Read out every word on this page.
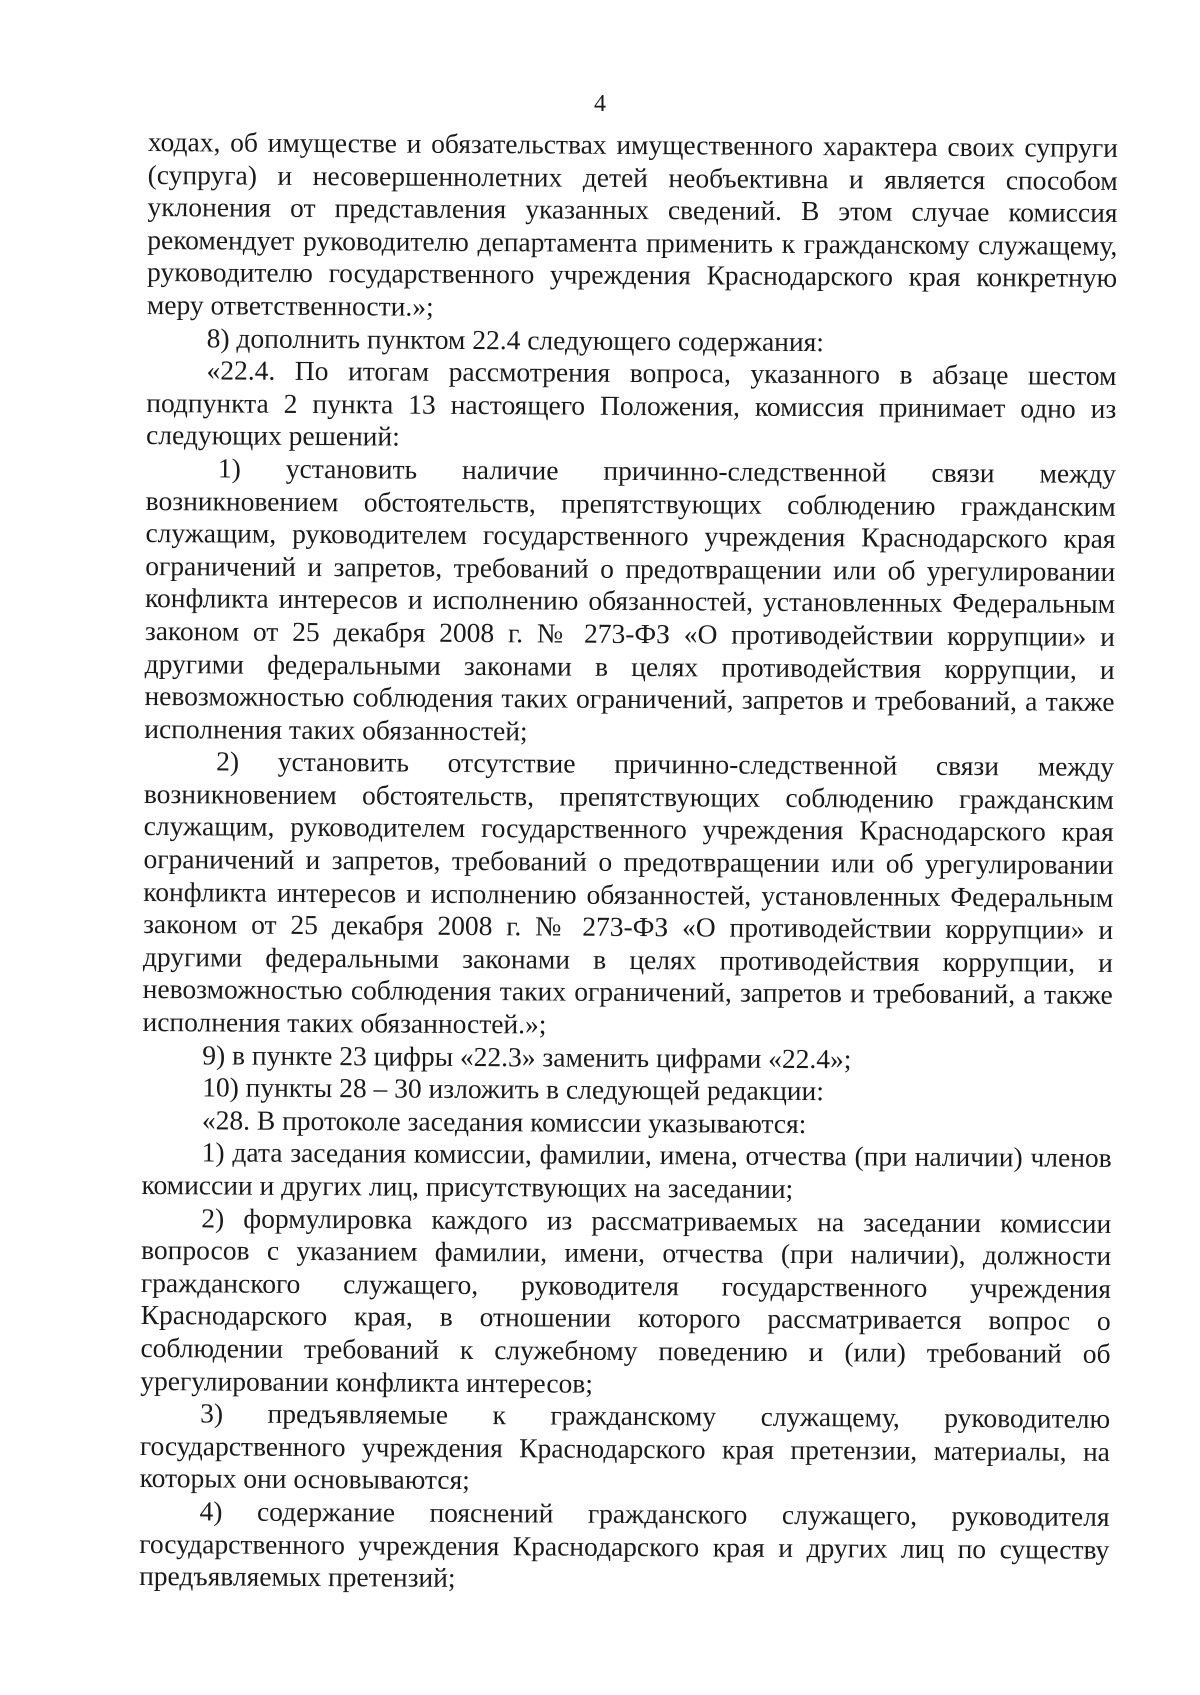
4

ходах, об имуществе и обязательствах имущественного характера своих супруги (супруга) и несовершеннолетних детей необъективна и является способом уклонения от представления указанных сведений. В этом случае комиссия рекомендует руководителю департамента применить к гражданскому служащему, руководителю государственного учреждения Краснодарского края конкретную меру ответственности.»;

8) дополнить пунктом 22.4 следующего содержания:

«22.4. По итогам рассмотрения вопроса, указанного в абзаце шестом подпункта 2 пункта 13 настоящего Положения, комиссия принимает одно из следующих решений:

1) установить наличие причинно-следственной связи между возникновением обстоятельств, препятствующих соблюдению гражданским служащим, руководителем государственного учреждения Краснодарского края ограничений и запретов, требований о предотвращении или об урегулировании конфликта интересов и исполнению обязанностей, установленных Федеральным законом от 25 декабря 2008 г. № 273-ФЗ «О противодействии коррупции» и другими федеральными законами в целях противодействия коррупции, и невозможностью соблюдения таких ограничений, запретов и требований, а также исполнения таких обязанностей;

2) установить отсутствие причинно-следственной связи между возникновением обстоятельств, препятствующих соблюдению гражданским служащим, руководителем государственного учреждения Краснодарского края ограничений и запретов, требований о предотвращении или об урегулировании конфликта интересов и исполнению обязанностей, установленных Федеральным законом от 25 декабря 2008 г. № 273-ФЗ «О противодействии коррупции» и другими федеральными законами в целях противодействия коррупции, и невозможностью соблюдения таких ограничений, запретов и требований, а также исполнения таких обязанностей.»;

9) в пункте 23 цифры «22.3» заменить цифрами «22.4»;

10) пункты 28 – 30 изложить в следующей редакции:

«28. В протоколе заседания комиссии указываются:

1) дата заседания комиссии, фамилии, имена, отчества (при наличии) членов комиссии и других лиц, присутствующих на заседании;

2) формулировка каждого из рассматриваемых на заседании комиссии вопросов с указанием фамилии, имени, отчества (при наличии), должности гражданского служащего, руководителя государственного учреждения Краснодарского края, в отношении которого рассматривается вопрос о соблюдении требований к служебному поведению и (или) требований об урегулировании конфликта интересов;

3) предъявляемые к гражданскому служащему, руководителю государственного учреждения Краснодарского края претензии, материалы, на которых они основываются;

4) содержание пояснений гражданского служащего, руководителя государственного учреждения Краснодарского края и других лиц по существу предъявляемых претензий;
